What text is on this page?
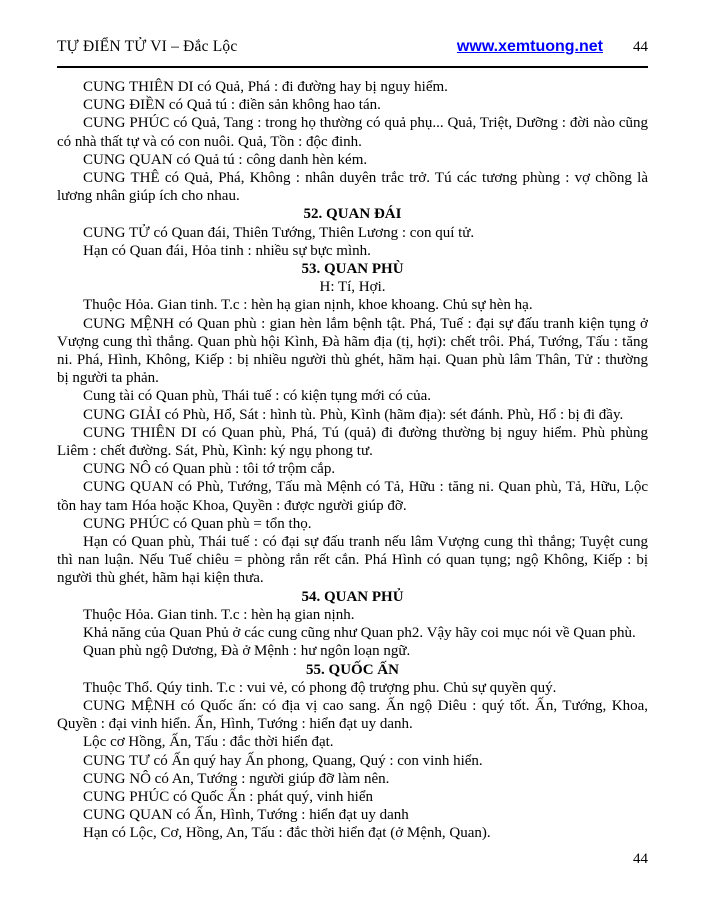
TỰ ĐIỂN TỬ VI – Đắc Lộc	www.xemtuong.net 44

CUNG THIÊN DI có Quả, Phá : đi đường hay bị nguy hiểm.

CUNG ĐIỀN có Quả tú : điền sản không hao tán.

CUNG PHÚC có Quả, Tang : trong họ thường có quả phụ... Quả, Triệt, Dưỡng : đời nào cũng có nhà thất tự và có con nuôi. Quả, Tồn : độc đinh.

CUNG QUAN có Quả tú : công danh hèn kém.

CUNG THÊ có Quả, Phá, Không : nhân duyên trắc trở. Tú các tương phùng : vợ chồng là lương nhân giúp ích cho nhau.

52. QUAN ĐÁI

CUNG TỬ có Quan đái, Thiên Tướng, Thiên Lương : con quí tử.

Hạn có Quan đái, Hỏa tinh : nhiều sự bực mình.

53. QUAN PHÙ

H: Tí, Hợi.

Thuộc Hỏa. Gian tinh. T.c : hèn hạ gian nịnh, khoe khoang. Chủ sự hèn hạ.

CUNG MỆNH có Quan phù : gian hèn lắm bệnh tật. Phá, Tuế : đại sự đấu tranh kiện tụng ở Vượng cung thì thắng. Quan phù hội Kình, Đà hãm địa (tị, hợi): chết trôi. Phá, Tướng, Tấu : tăng ni. Phá, Hình, Không, Kiếp : bị nhiều người thù ghét, hãm hại. Quan phù lâm Thân, Tử : thường bị người ta phản.

Cung tài có Quan phù, Thái tuế : có kiện tụng mới có của.

CUNG GIẢI có Phù, Hổ, Sát : hình tù. Phù, Kình (hãm địa): sét đánh. Phù, Hổ : bị đi đầy.

CUNG THIÊN DI có Quan phù, Phá, Tú (quả) đi đường thường bị nguy hiểm. Phù phùng Liêm : chết đường. Sát, Phù, Kình: ký ngụ phong tư.

CUNG NÔ có Quan phù : tôi tớ trộm cắp.

CUNG QUAN có Phù, Tướng, Tấu mà Mệnh có Tả, Hữu : tăng ni. Quan phù, Tả, Hữu, Lộc tồn hay tam Hóa hoặc Khoa, Quyền : được người giúp đỡ.

CUNG PHÚC có Quan phù = tổn thọ.

Hạn có Quan phù, Thái tuế : có đại sự đấu tranh nếu lâm Vượng cung thì thắng; Tuyệt cung thì nan luận. Nếu Tuế chiêu = phòng rắn rết cắn. Phá Hình có quan tụng; ngộ Không, Kiếp : bị người thù ghét, hãm hại kiện thưa.

54. QUAN PHỦ

Thuộc Hỏa. Gian tinh. T.c : hèn hạ gian nịnh.

Khả năng của Quan Phủ ở các cung cũng như Quan ph2. Vậy hãy coi mục nói về Quan phù.

Quan phù ngộ Dương, Đà ở Mệnh : hư ngôn loạn ngữ.

55. QUỐC ẤN

Thuộc Thổ. Qúy tinh. T.c : vui vẻ, có phong độ trượng phu. Chủ sự quyền quý.

CUNG MỆNH có Quốc ấn: có địa vị cao sang. Ấn ngộ Diêu : quý tốt. Ấn, Tướng, Khoa, Quyền : đại vinh hiển. Ấn, Hình, Tướng : hiển đạt uy danh.

Lộc cơ Hồng, Ấn, Tấu : đắc thời hiển đạt.

CUNG TƯ có Ấn quý hay Ấn phong, Quang, Quý : con vinh hiển.

CUNG NÔ có An, Tướng : người giúp đỡ làm nên.

CUNG PHÚC có Quốc Ấn : phát quý, vinh hiển

CUNG QUAN có Ấn, Hình, Tướng : hiển đạt uy danh

Hạn có Lộc, Cơ, Hồng, An, Tấu : đắc thời hiển đạt (ở Mệnh, Quan).

44
